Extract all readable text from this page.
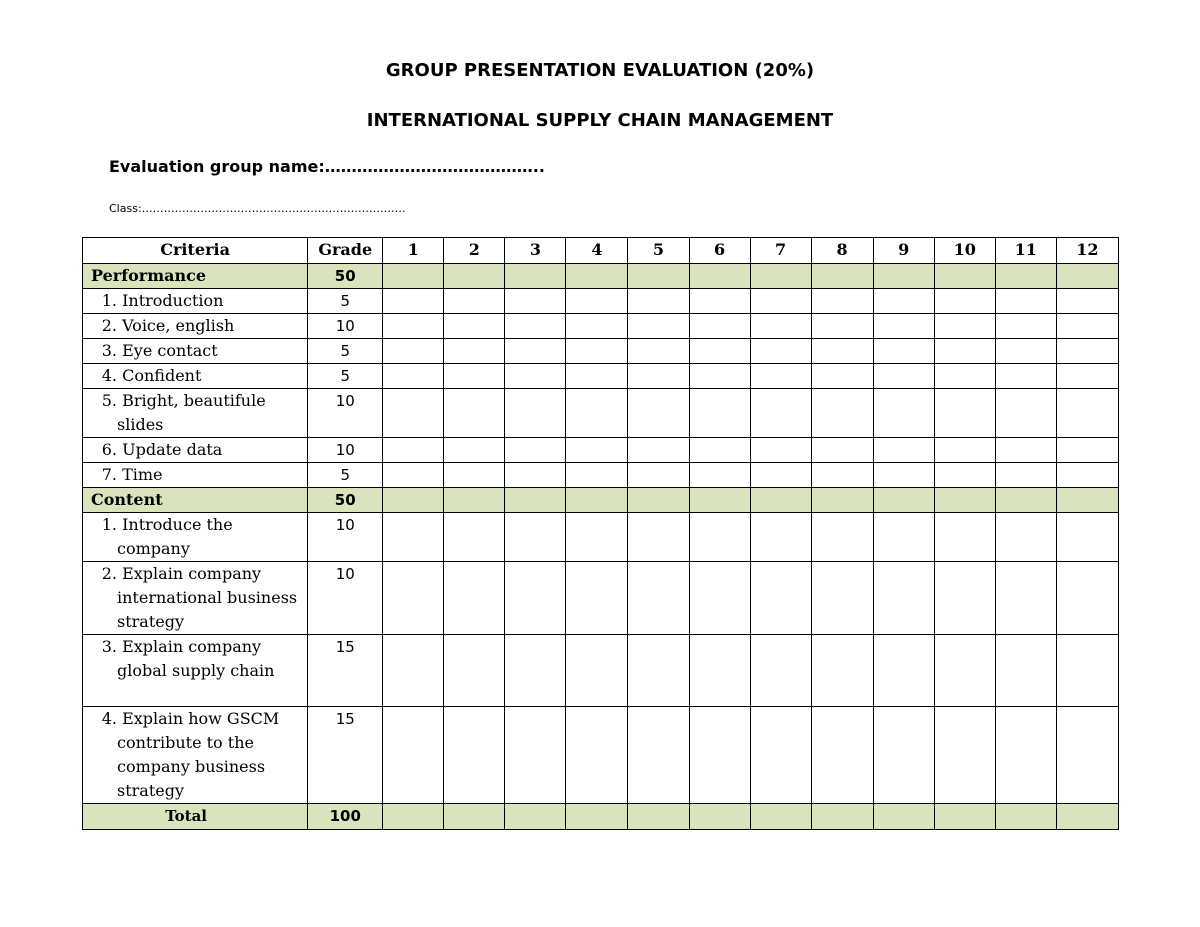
GROUP PRESENTATION EVALUATION (20%)
INTERNATIONAL SUPPLY CHAIN MANAGEMENT
Evaluation group name:…………………………………..
Class:………………………………………………………………
Criteria	Grade	1	2	3	4	5	6	7	8	9	10	11	12
Performance	50												
1. Introduction	5												
2. Voice, english	10												
3. Eye contact	5												
4. Confident	5												
5. Bright, beautifule slides	10												
6. Update data	10												
7. Time	5												
Content	50												
1. Introduce the company	10												
2. Explain company international business strategy	10												
3. Explain company global supply chain	15												
4. Explain how GSCM contribute to the company business strategy	15												
Total	100												
